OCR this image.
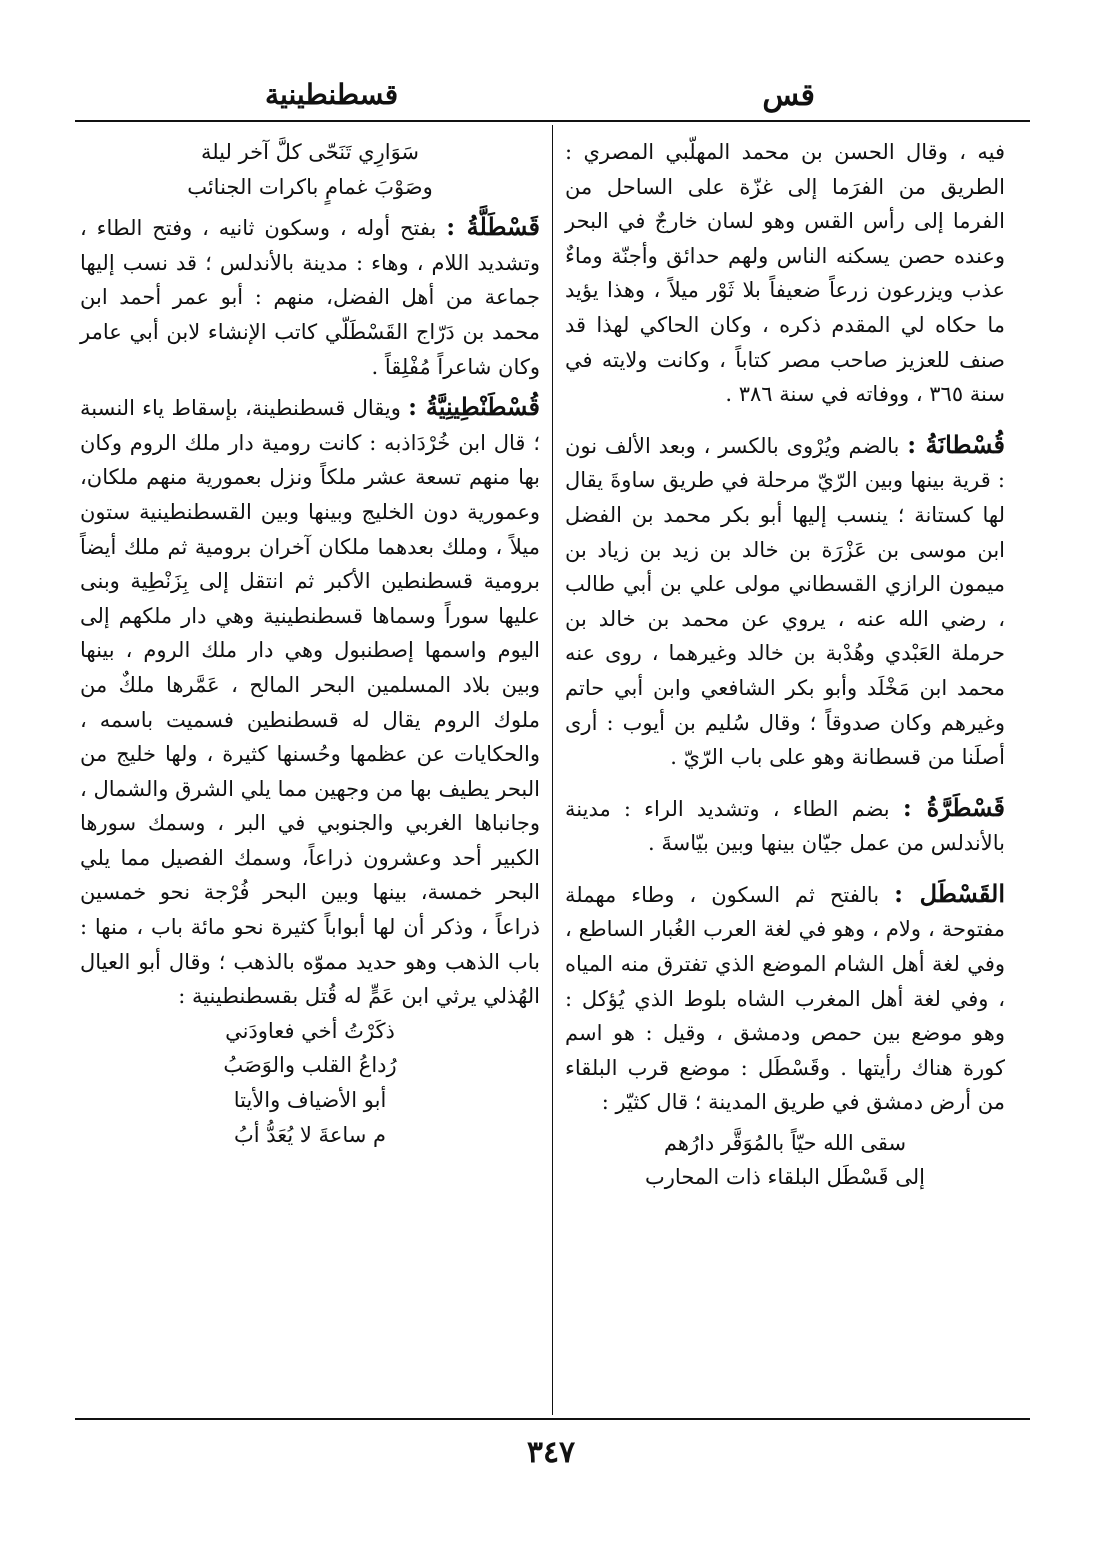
قس
قسطنطينية

فيه ، وقال الحسن بن محمد المهلّبي المصري : الطريق من الفرَما إلى غزّة على الساحل من الفرما إلى رأس القس وهو لسان خارجٌ في البحر وعنده حصن يسكنه الناس ولهم حدائق وأجنّة وماءٌ عذب ويزرعون زرعاً ضعيفاً بلا ثَوْر ميلاً ، وهذا يؤيد ما حكاه لي المقدم ذكره ، وكان الحاكي لهذا قد صنف للعزيز صاحب مصر كتاباً ، وكانت ولايته في سنة ٣٦٥ ، ووفاته في سنة ٣٨٦ .

قُسْطانَةُ : بالضم ويُرْوى بالكسر ، وبعد الألف نون : قرية بينها وبين الرّيّ مرحلة في طريق ساوةَ يقال لها كستانة ؛ ينسب إليها أبو بكر محمد بن الفضل ابن موسى بن عَزْرَة بن خالد بن زيد بن زياد بن ميمون الرازي القسطاني مولى علي بن أبي طالب ، رضي الله عنه ، يروي عن محمد بن خالد بن حرملة العَبْدي وهُدْبة بن خالد وغيرهما ، روى عنه محمد ابن مَخْلَد وأبو بكر الشافعي وابن أبي حاتم وغيرهم وكان صدوقاً ؛ وقال سُليم بن أيوب : أرى أصلَنا من قسطانة وهو على باب الرّيّ .
قَسْطَرَّةُ : بضم الطاء ، وتشديد الراء : مدينة بالأندلس من عمل جيّان بينها وبين بيّاسةَ .
القَسْطَل : بالفتح ثم السكون ، وطاء مهملة مفتوحة ، ولام ، وهو في لغة العرب الغُبار الساطع ، وفي لغة أهل الشام الموضع الذي تفترق منه المياه ، وفي لغة أهل المغرب الشاه بلوط الذي يُؤكل : وهو موضع بين حمص ودمشق ، وقيل : هو اسم كورة هناك رأيتها . وقَسْطَل : موضع قرب البلقاء من أرض دمشق في طريق المدينة ؛ قال كثيّر :

سقى الله حيّاً بالمُوَقَّر دارُهم

إلى قَسْطَل البلقاء ذات المحارب

سَوَارِي تَنَحّى كلَّ آخر ليلة

وصَوْبَ غمامٍ باكرات الجنائب

قَسْطَلَّةُ : بفتح أوله ، وسكون ثانيه ، وفتح الطاء ، وتشديد اللام ، وهاء : مدينة بالأندلس ؛ قد نسب إليها جماعة من أهل الفضل، منهم : أبو عمر أحمد ابن محمد بن دَرّاج القَسْطَلّي كاتب الإنشاء لابن أبي عامر وكان شاعراً مُفْلِقاً .
قُسْطَنْطِينِيَّةُ : ويقال قسطنطينة، بإسقاط ياء النسبة ؛ قال ابن خُرْدَاذبه : كانت رومية دار ملك الروم وكان بها منهم تسعة عشر ملكاً ونزل بعمورية منهم ملكان، وعمورية دون الخليج وبينها وبين القسطنطينية ستون ميلاً ، وملك بعدهما ملكان آخران برومية ثم ملك أيضاً برومية قسطنطين الأكبر ثم انتقل إلى بِزَنْطِية وبنى عليها سوراً وسماها قسطنطينية وهي دار ملكهم إلى اليوم واسمها إصطنبول وهي دار ملك الروم ، بينها وبين بلاد المسلمين البحر المالح ، عَمَّرها ملكٌ من ملوك الروم يقال له قسطنطين فسميت باسمه ، والحكايات عن عظمها وحُسنها كثيرة ، ولها خليج من البحر يطيف بها من وجهين مما يلي الشرق والشمال ، وجانباها الغربي والجنوبي في البر ، وسمك سورها الكبير أحد وعشرون ذراعاً، وسمك الفصيل مما يلي البحر خمسة، بينها وبين البحر فُرْجة نحو خمسين ذراعاً ، وذكر أن لها أبواباً كثيرة نحو مائة باب ، منها : باب الذهب وهو حديد مموّه بالذهب ؛ وقال أبو العيال الهُذلي يرثي ابن عَمٍّ له قُتل بقسطنطينية :

ذكَرْتُ أخي فعاودَني

رُداعُ القلب والوَصَبُ

أبو الأضياف والأيتا

م ساعةَ لا يُعَدُّ أبُ

٣٤٧
